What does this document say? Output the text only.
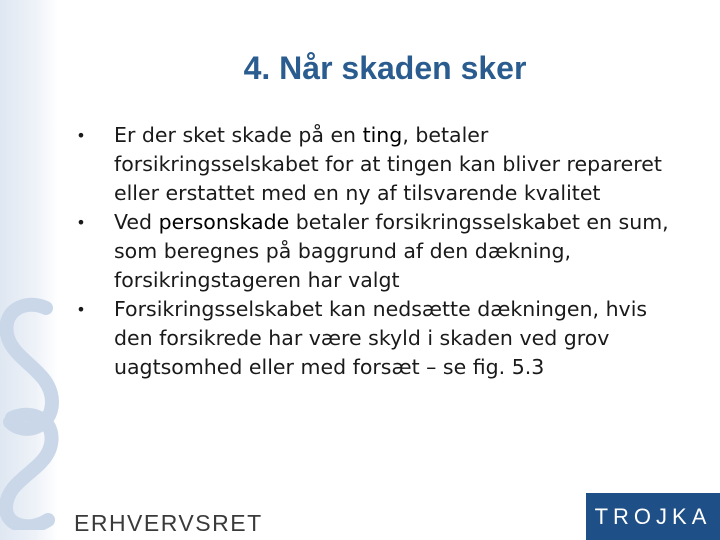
4. Når skaden sker
• Er der sket skade på en ting, betaler forsikringsselskabet for at tingen kan bliver repareret eller erstattet med en ny af tilsvarende kvalitet
• Ved personskade betaler forsikringsselskabet en sum, som beregnes på baggrund af den dækning, forsikringstageren har valgt
• Forsikringsselskabet kan nedsætte dækningen, hvis den forsikrede har være skyld i skaden ved grov uagtsomhed eller med forsæt – se fig. 5.3
ERHVERVSRET	TROJKA
